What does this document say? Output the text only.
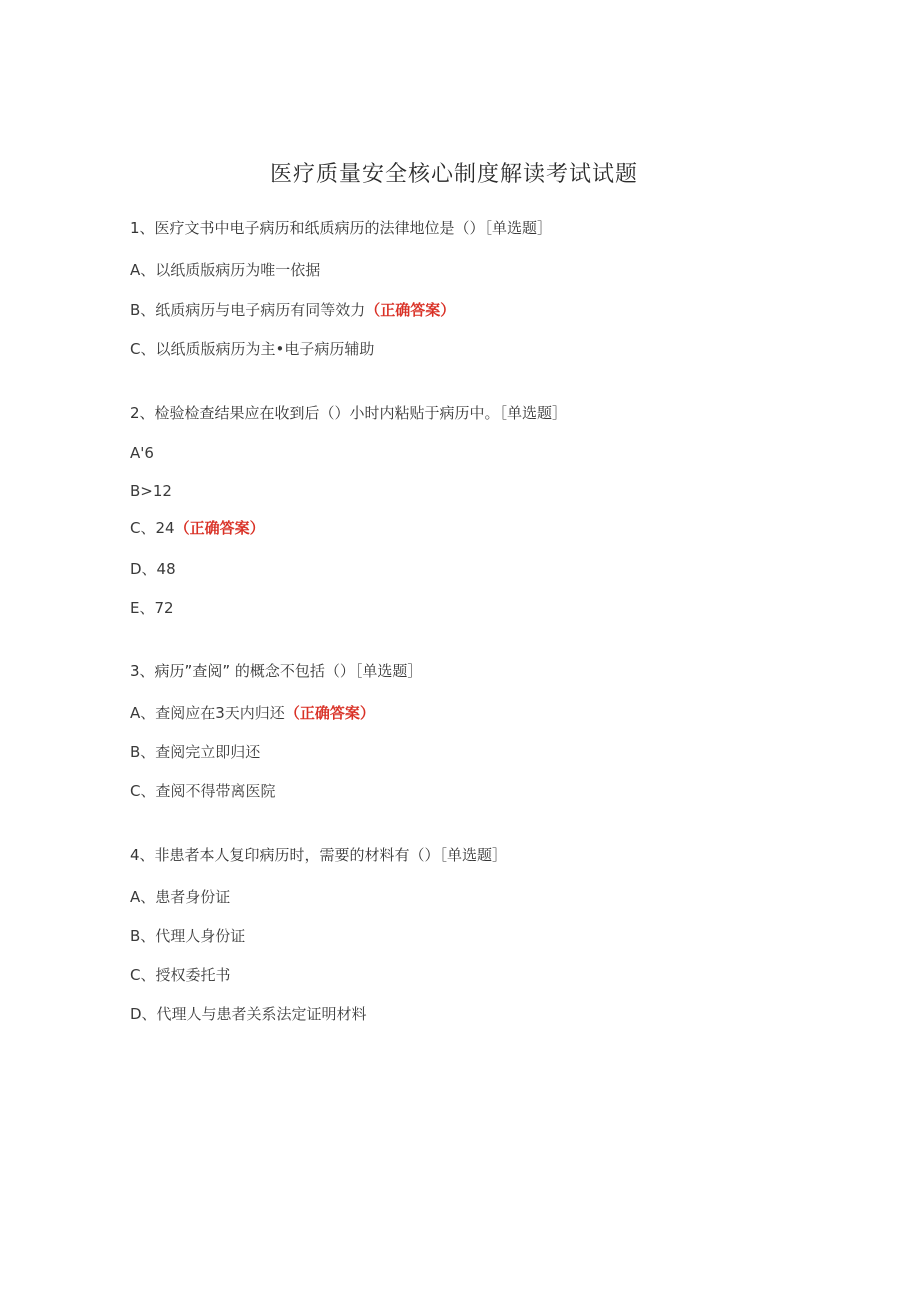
医疗质量安全核心制度解读考试试题
1、医疗文书中电子病历和纸质病历的法律地位是（）［单选题］
A、以纸质版病历为唯一依据
B、纸质病历与电子病历有同等效力（正确答案）
C、以纸质版病历为主•电子病历辅助
2、检验检查结果应在收到后（）小时内粘贴于病历中。［单选题］
A'6
B>12
C、24（正确答案）
D、48
E、72
3、病历”查阅” 的概念不包括（）［单选题］
A、查阅应在3天内归还（正确答案）
B、查阅完立即归还
C、查阅不得带离医院
4、非患者本人复印病历时，需要的材料有（）［单选题］
A、患者身份证
B、代理人身份证
C、授权委托书
D、代理人与患者关系法定证明材料
